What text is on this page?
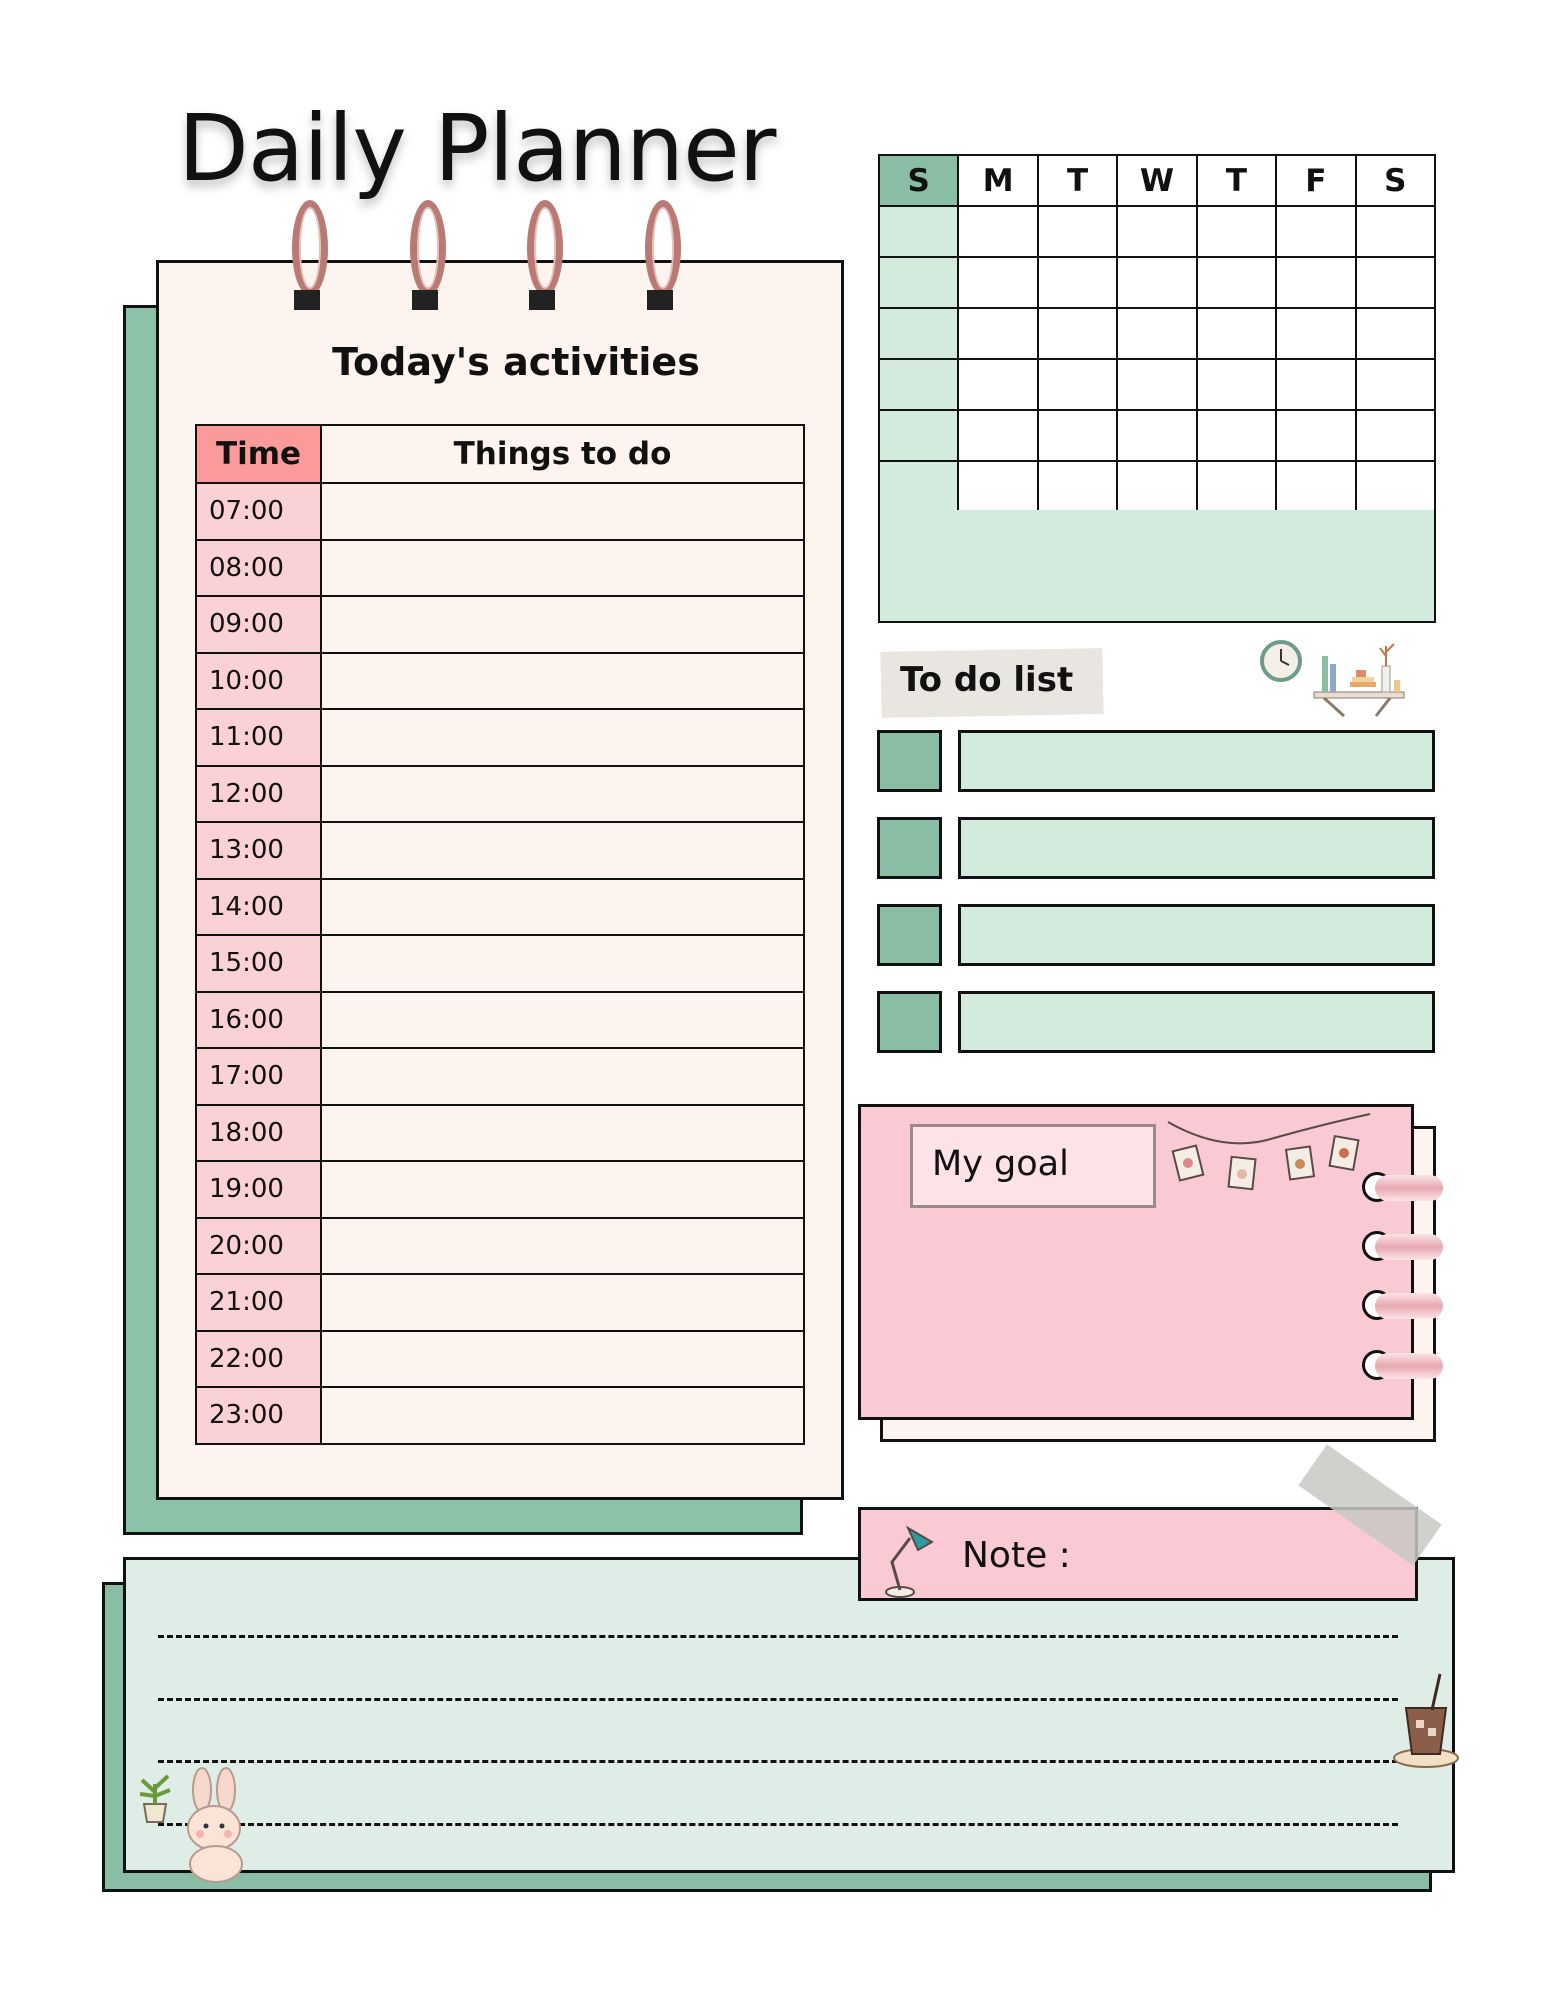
Daily Planner
Today's activities
Time	Things to do
07:00	
08:00	
09:00	
10:00	
11:00	
12:00	
13:00	
14:00	
15:00	
16:00	
17:00	
18:00	
19:00	
20:00	
21:00	
22:00	
23:00	
S	M	T	W	T	F	S

To do list
My goal
Note :
